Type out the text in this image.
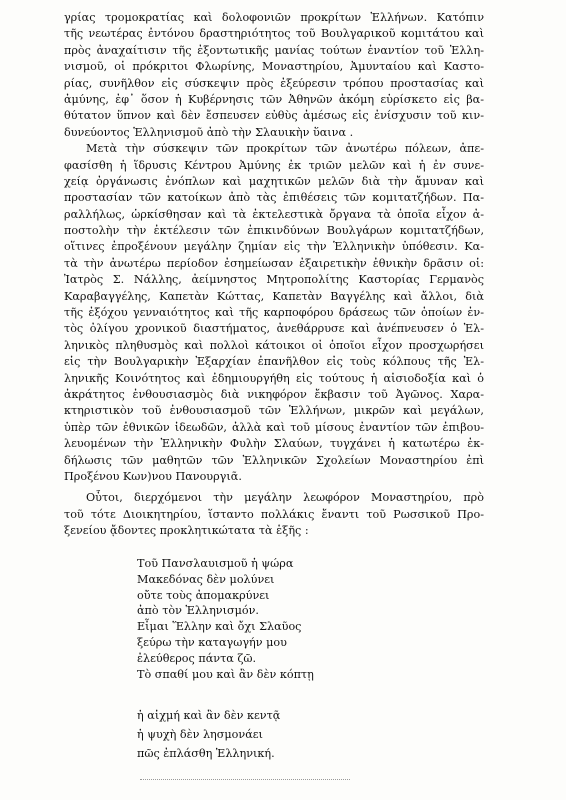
γρίας τρομοκρατίας καὶ δολοφονιῶν προκρίτων Ἑλλήνων. Κατόπιν
τῆς νεωτέρας ἐντόνου δραστηριότητος τοῦ Βουλγαρικοῦ κομιτάτου καὶ
πρὸς ἀναχαίτισιν τῆς ἐξοντωτικῆς μανίας τούτων ἐναντίον τοῦ Ἑλλη-
νισμοῦ, οἱ πρόκριτοι Φλωρίνης, Μοναστηρίου, Ἀμυνταίου καὶ Καστο-
ρίας, συνῆλθον εἰς σύσκεψιν πρὸς ἐξεύρεσιν τρόπου προστασίας καὶ
ἀμύνης, ἐφ᾽ ὅσον ἡ Κυβέρνησις τῶν Ἀθηνῶν ἀκόμη εὑρίσκετο εἰς βα-
θύτατον ὕπνον καὶ δὲν ἔσπευσεν εὐθὺς ἀμέσως εἰς ἐνίσχυσιν τοῦ κιν-
δυνεύοντος Ἑλληνισμοῦ ἀπὸ τὴν Σλαυικὴν ὕαινα .
Μετὰ τὴν σύσκεψιν τῶν προκρίτων τῶν ἀνωτέρω πόλεων, ἀπε-
φασίσθη ἡ ἵδρυσις Κέντρου Ἀμύνης ἐκ τριῶν μελῶν καὶ ἡ ἐν συνε-
χείᾳ ὀργάνωσις ἐνόπλων καὶ μαχητικῶν μελῶν διὰ τὴν ἄμυναν καὶ
προστασίαν τῶν κατοίκων ἀπὸ τὰς ἐπιθέσεις τῶν κομιτατζήδων. Πα-
ραλλήλως, ὡρκίσθησαν καὶ τὰ ἐκτελεστικὰ ὄργανα τὰ ὁποῖα εἶχον ἀ-
ποστολὴν τὴν ἐκτέλεσιν τῶν ἐπικινδύνων Βουλγάρων κομιτατζήδων,
οἵτινες ἐπροξένουν μεγάλην ζημίαν εἰς τὴν Ἑλληνικὴν ὑπόθεσιν. Κα-
τὰ τὴν ἀνωτέρω περίοδον ἐσημείωσαν ἐξαιρετικὴν ἐθνικὴν δρᾶσιν οἱ:
Ἰατρὸς Σ. Νάλλης, ἀείμνηστος Μητροπολίτης Καστορίας Γερμανὸς
Καραβαγγέλης, Καπετὰν Κώττας, Καπετὰν Βαγγέλης καὶ ἄλλοι, διὰ
τῆς ἐξόχου γενναιότητος καὶ τῆς καρποφόρου δράσεως τῶν ὁποίων ἐν-
τὸς ὀλίγου χρονικοῦ διαστήματος, ἀνεθάρρυσε καὶ ἀνέπνευσεν ὁ Ἑλ-
ληνικὸς πληθυσμὸς καὶ πολλοὶ κάτοικοι οἱ ὁποῖοι εἶχον προσχωρήσει
εἰς τὴν Βουλγαρικὴν Ἐξαρχίαν ἐπανῆλθον εἰς τοὺς κόλπους τῆς Ἑλ-
ληνικῆς Κοινότητος καὶ ἐδημιουργήθη εἰς τούτους ἡ αἰσιοδοξία καὶ ὁ
ἀκράτητος ἐνθουσιασμὸς διὰ νικηφόρον ἔκβασιν τοῦ Ἀγῶνος. Χαρα-
κτηριστικὸν τοῦ ἐνθουσιασμοῦ τῶν Ἑλλήνων, μικρῶν καὶ μεγάλων,
ὑπὲρ τῶν ἐθνικῶν ἰδεωδῶν, ἀλλὰ καὶ τοῦ μίσους ἐναντίον τῶν ἐπιβου-
λευομένων τὴν Ἑλληνικὴν Φυλὴν Σλαύων, τυγχάνει ἡ κατωτέρω ἐκ-
δήλωσις τῶν μαθητῶν τῶν Ἑλληνικῶν Σχολείων Μοναστηρίου ἐπὶ
Προξένου Κων)νου Πανουργιᾶ.
Οὗτοι, διερχόμενοι τὴν μεγάλην λεωφόρον Μοναστηρίου, πρὸ
τοῦ τότε Διοικητηρίου, ἵσταντο πολλάκις ἔναντι τοῦ Ρωσσικοῦ Προ-
ξενείου ᾄδοντες προκλητικώτατα τὰ ἑξῆς :
Τοῦ Πανσλαυισμοῦ ἡ ψώρα
Μακεδόνας δὲν μολύνει
οὔτε τοὺς ἀπομακρύνει
ἀπὸ τὸν Ἑλληνισμόν.
Εἶμαι Ἕλλην καὶ ὄχι Σλαῦος
ξεύρω τὴν καταγωγήν μου
ἐλεύθερος πάντα ζῶ.
Τὸ σπαθί μου καὶ ἂν δὲν κόπτῃ
ἡ αἰχμή καὶ ἂν δὲν κεντᾷ
ἡ ψυχὴ δὲν λησμονάει
πῶς ἐπλάσθη Ἑλληνική.
